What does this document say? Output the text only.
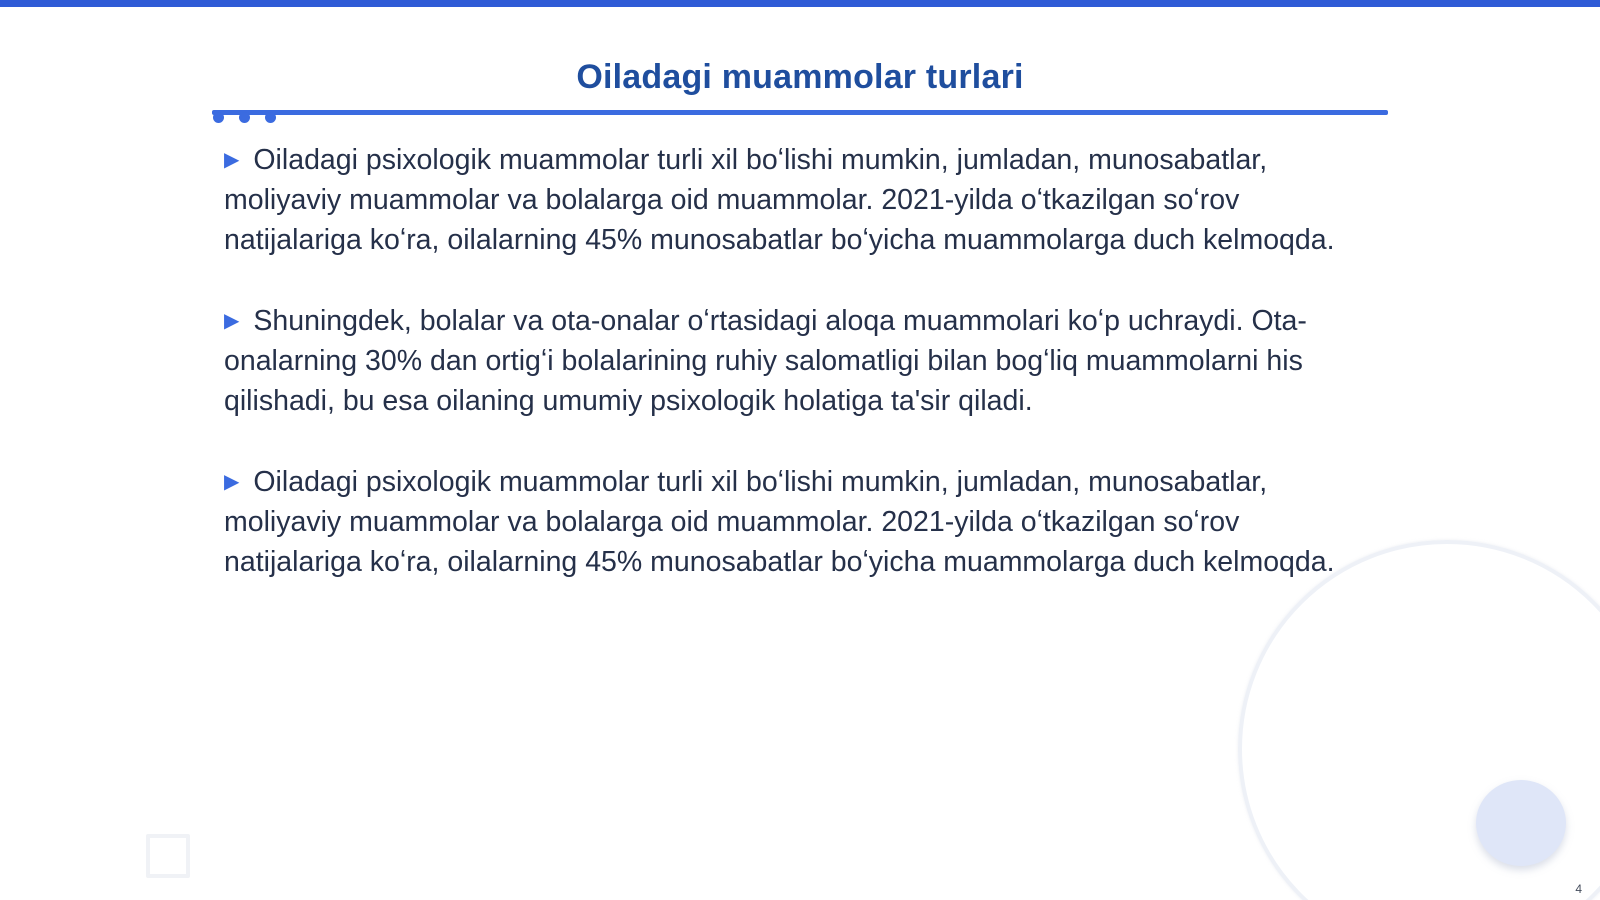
Oiladagi muammolar turlari

▶ Oiladagi psixologik muammolar turli xil boʻlishi mumkin, jumladan, munosabatlar, moliyaviy muammolar va bolalarga oid muammolar. 2021-yilda oʻtkazilgan soʻrov natijalariga koʻra, oilalarning 45% munosabatlar boʻyicha muammolarga duch kelmoqda.

▶ Shuningdek, bolalar va ota-onalar oʻrtasidagi aloqa muammolari koʻp uchraydi. Ota-onalarning 30% dan ortigʻi bolalarining ruhiy salomatligi bilan bogʻliq muammolarni his qilishadi, bu esa oilaning umumiy psixologik holatiga ta'sir qiladi.

▶ Oiladagi psixologik muammolar turli xil boʻlishi mumkin, jumladan, munosabatlar, moliyaviy muammolar va bolalarga oid muammolar. 2021-yilda oʻtkazilgan soʻrov natijalariga koʻra, oilalarning 45% munosabatlar boʻyicha muammolarga duch kelmoqda.

4
